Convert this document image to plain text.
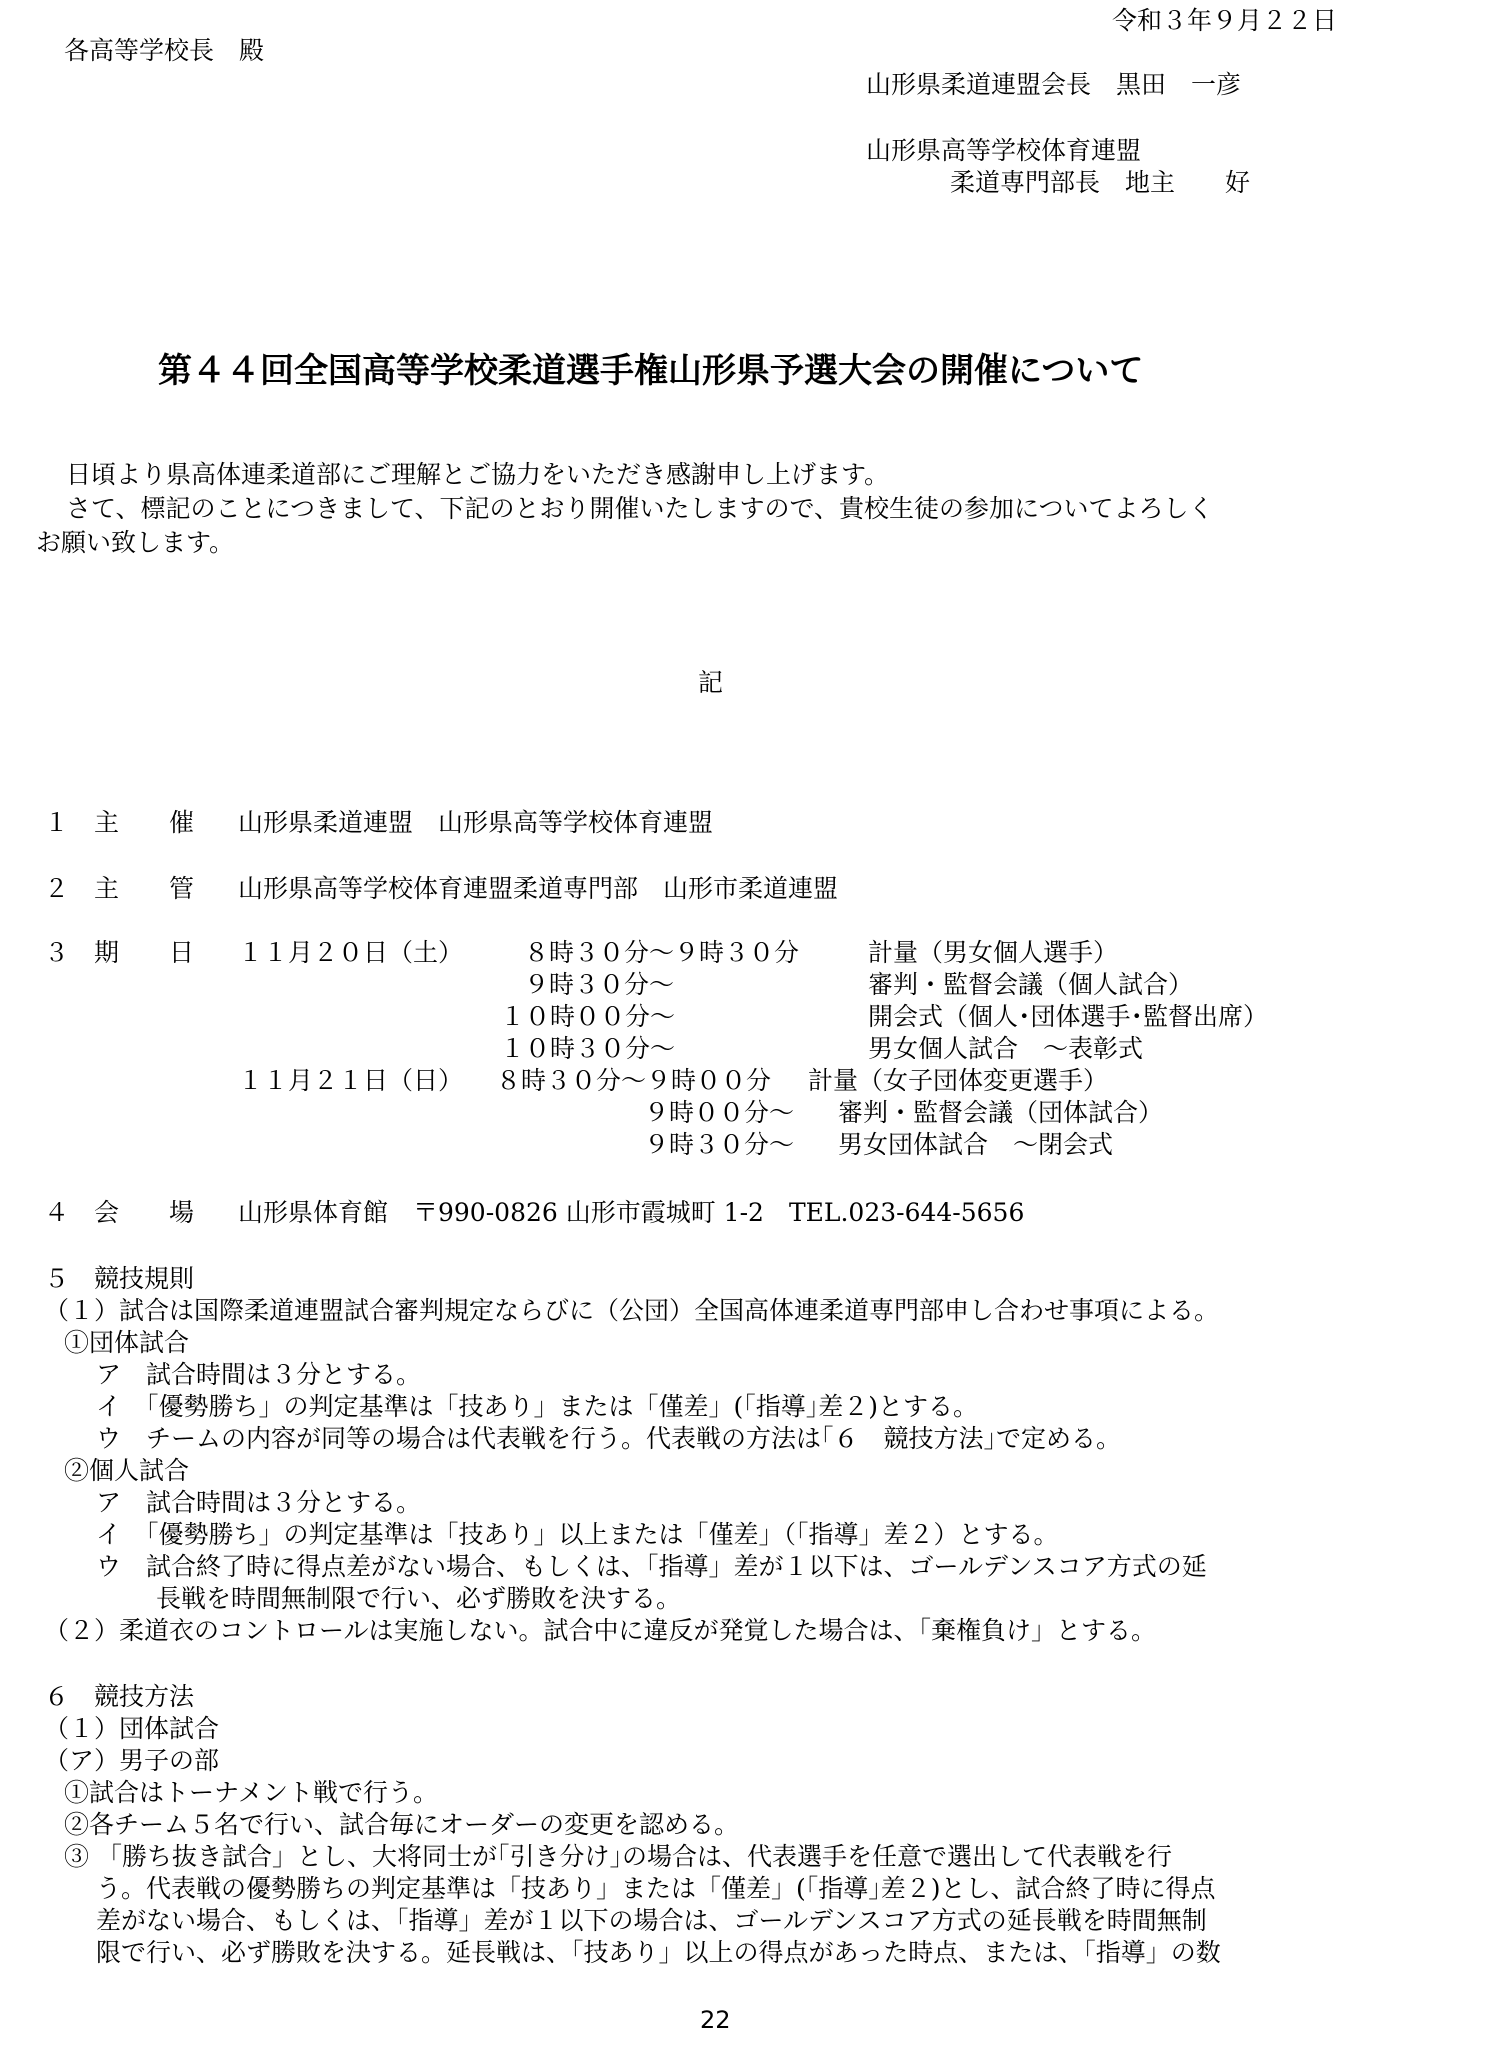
令和３年９月２２日
各高等学校長　殿
山形県柔道連盟会長　黒田　一彦
山形県高等学校体育連盟
柔道専門部長　地主　　好
第４４回全国高等学校柔道選手権山形県予選大会の開催について
日頃より県高体連柔道部にご理解とご協力をいただき感謝申し上げます。
さて、標記のことにつきまして、下記のとおり開催いたしますので、貴校生徒の参加についてよろしく
お願い致します。
記
１　主　　催 山形県柔道連盟　山形県高等学校体育連盟
２　主　　管 山形県高等学校体育連盟柔道専門部　山形市柔道連盟
３　期　　日 １１月２０日（土） ８時３０分～９時３０分	計量（男女個人選手）
９時３０分～	審判・監督会議（個人試合）
１０時００分～	開会式（個人･団体選手･監督出席）
１０時３０分～	男女個人試合　～表彰式
１１月２１日（日） ８時３０分～９時００分 計量（女子団体変更選手）
９時００分～ 審判・監督会議（団体試合）
９時３０分～ 男女団体試合　～閉会式
４　会　　場 山形県体育館　〒990-0826 山形市霞城町 1-2　TEL.023-644-5656
５　競技規則
（１）試合は国際柔道連盟試合審判規定ならびに（公団）全国高体連柔道専門部申し合わせ事項による。
①団体試合
ア　試合時間は３分とする。
イ　「優勢勝ち」の判定基準は「技あり」または「僅差」(｢指導｣差２)とする。
ウ　チームの内容が同等の場合は代表戦を行う。代表戦の方法は｢６　競技方法｣で定める。
②個人試合
ア　試合時間は３分とする。
イ　「優勢勝ち」の判定基準は「技あり」以上または「僅差」（「指導」差２）とする。
ウ　試合終了時に得点差がない場合、もしくは、「指導」差が１以下は、ゴールデンスコア方式の延
長戦を時間無制限で行い、必ず勝敗を決する。
（２）柔道衣のコントロールは実施しない。試合中に違反が発覚した場合は、「棄権負け」とする。
６　競技方法
（１）団体試合
（ア）男子の部
①試合はトーナメント戦で行う。
②各チーム５名で行い、試合毎にオーダーの変更を認める。
③ 「勝ち抜き試合」とし、大将同士が｢引き分け｣の場合は、代表選手を任意で選出して代表戦を行
う。代表戦の優勢勝ちの判定基準は「技あり」または「僅差」(｢指導｣差２)とし、試合終了時に得点
差がない場合、もしくは、「指導」差が１以下の場合は、ゴールデンスコア方式の延長戦を時間無制
限で行い、必ず勝敗を決する。延長戦は、「技あり」以上の得点があった時点、または、「指導」の数
22
